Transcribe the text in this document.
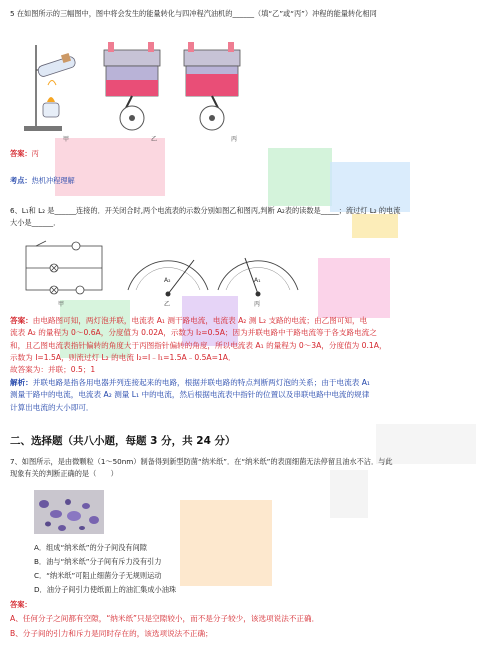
5 在如图所示的三幅图中，图中将会发生的能量转化与四冲程汽油机的______（填“乙”或“丙”）冲程的能量转化相同
甲	乙	丙
答案：丙
考点：热机冲程理解
6、L₁和 L₂ 是______连接的．开关闭合时,两个电流表的示数分别如图乙和图丙,判断 A₂表的读数是_____；流过灯 L₂ 的电流
大小是______．
甲
A₂
乙
A₁
丙
答案：由电路图可知，两灯泡并联，电流表 A₁ 测干路电流，电流表 A₂ 测 L₂ 支路的电流；由乙图可知，电
流表 A₂ 的量程为 0～0.6A，分度值为 0.02A，示数为 I₂=0.5A；因为并联电路中干路电流等于各支路电流之
和，且乙图电流表指针偏转的角度大于丙图指针偏转的角度，所以电流表 A₁ 的量程为 0～3A，分度值为 0.1A，
示数为 I=1.5A，则流过灯 L₂ 的电流 I₂=I﹣I₁=1.5A﹣0.5A=1A．
故答案为：并联；0.5；1
解析：并联电路是指各用电器并列连接起来的电路，根据并联电路的特点判断两灯泡的关系；由于电流表 A₁
测量干路中的电流，电流表 A₂ 测量 L₁ 中的电流，然后根据电流表中指针的位置以及串联电路中电流的规律
计算出电流的大小即可．
二、选择题（共八小题，每题 3 分，共 24 分）
7、如图所示，是由微颗粒（1～50nm）制备得到新型防菌“纳米纸”．在“纳米纸”的表面细菌无法停留且油水不沾．与此
现象有关的判断正确的是（　　）
A．组成“纳米纸”的分子间没有间隙
B．油与“纳米纸”分子间有斥力没有引力
C．“纳米纸”可阻止细菌分子无规则运动
D．油分子间引力使纸面上的油汇集成小油珠
答案：
A、任何分子之间都有空隙，“纳米纸”只是空隙较小，而不是分子较少，该选项说法不正确．
B、分子间的引力和斥力是同时存在的，该选项说法不正确；
